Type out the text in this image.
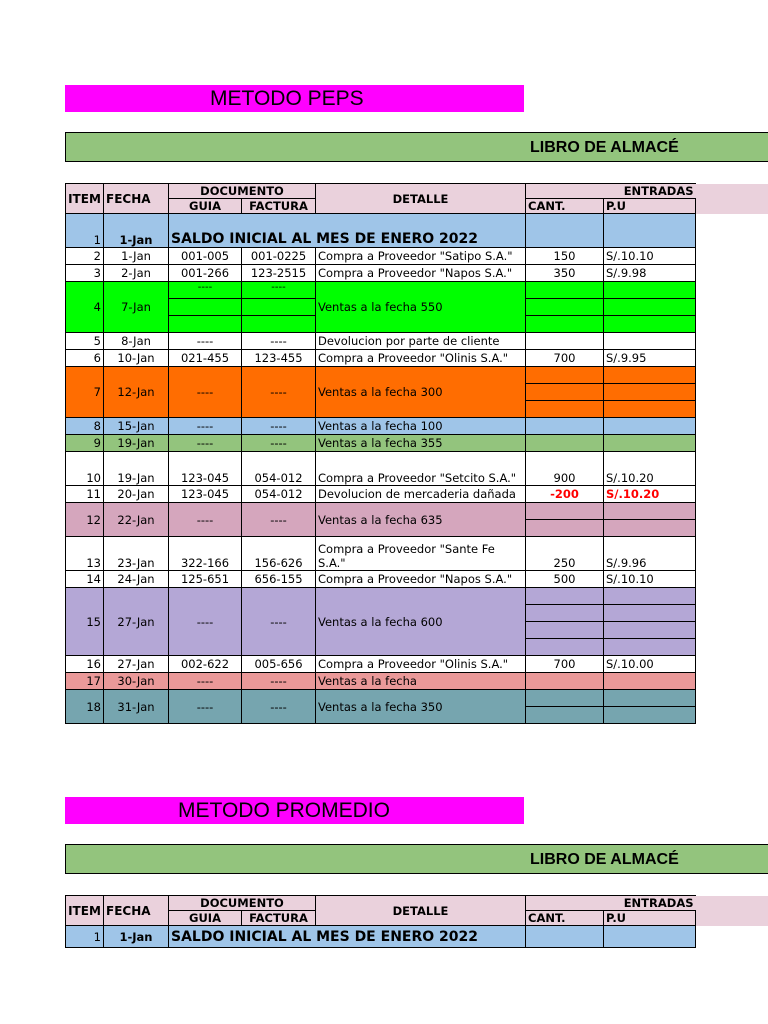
METODO PEPS
LIBRO DE ALMACÉ
ITEM	FECHA	DOCUMENTO		DETALLE	ENTRADAS	
		GUIA	FACTURA		CANT.	P.U
1	1-Jan	SALDO INICIAL AL MES DE ENERO 2022				
2	1-Jan	001-005	001-0225	Compra a Proveedor "Satipo S.A."	150	S/.10.10
3	2-Jan	001-266	123-2515	Compra a Proveedor "Napos S.A."	350	S/.9.98
4	7-Jan	----	----	Ventas a la fecha 550		

5	8-Jan	----	----	Devolucion por parte de cliente		
6	10-Jan	021-455	123-455	Compra a Proveedor "Olinis S.A."	700	S/.9.95
7	12-Jan	----	----	Ventas a la fecha 300		

8	15-Jan	----	----	Ventas a la fecha 100		
9	19-Jan	----	----	Ventas a la fecha 355		
10	19-Jan	123-045	054-012	Compra a Proveedor "Setcito S.A."	900	S/.10.20
11	20-Jan	123-045	054-012	Devolucion de mercaderia dañada	-200	S/.10.20
12	22-Jan	----	----	Ventas a la fecha 635		

13	23-Jan	322-166	156-626	Compra a Proveedor "Sante Fe S.A."	250	S/.9.96
14	24-Jan	125-651	656-155	Compra a Proveedor "Napos S.A."	500	S/.10.10
15	27-Jan	----	----	Ventas a la fecha 600		

16	27-Jan	002-622	005-656	Compra a Proveedor "Olinis S.A."	700	S/.10.00
17	30-Jan	----	----	Ventas a la fecha		
18	31-Jan	----	----	Ventas a la fecha 350		

METODO PROMEDIO
LIBRO DE ALMACÉ
ITEM	FECHA	DOCUMENTO		DETALLE	ENTRADAS	
		GUIA	FACTURA		CANT.	P.U
1	1-Jan	SALDO INICIAL AL MES DE ENERO 2022				
